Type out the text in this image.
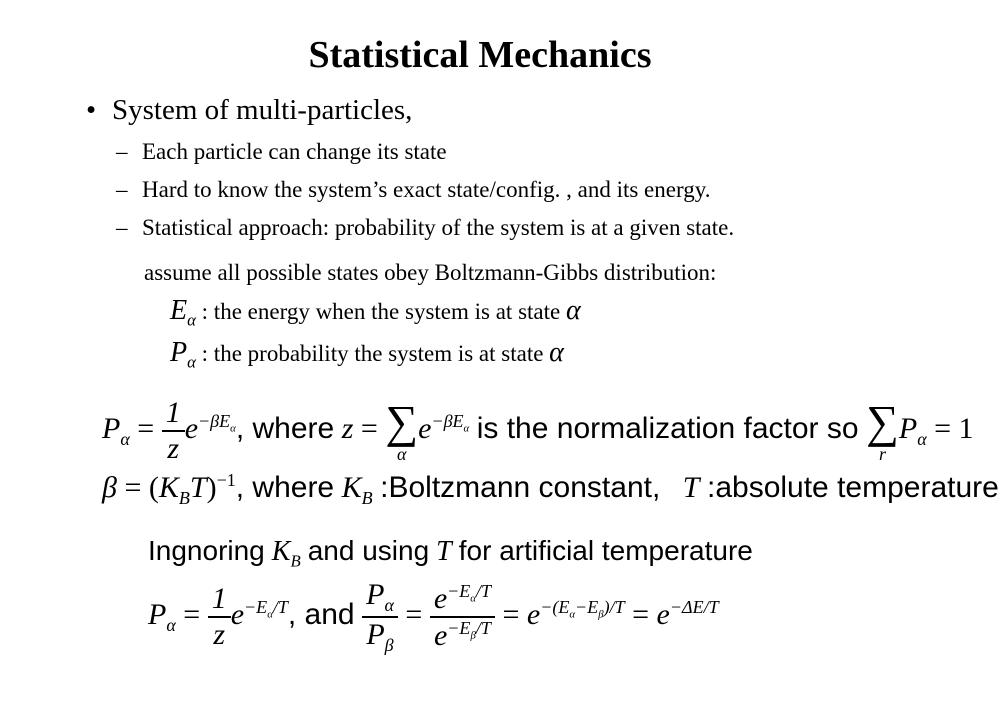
Statistical Mechanics
• System of multi-particles,
– Each particle can change its state
– Hard to know the system’s exact state/config. , and its energy.
– Statistical approach: probability of the system is at a given state.
assume all possible states obey Boltzmann-Gibbs distribution:
$E_\alpha$ : the energy when the system is at state α
$P_\alpha$ : the probability the system is at state α
$P_\alpha = \frac{1}{z} e^{-\beta E_\alpha}$, where z = ∑
α
$e^{-\beta E_\alpha}$ is the normalization factor so ∑
r
$P_\alpha = 1$
$\beta = (K_BT)^{-1}$, where $K_B$ :Boltzmann constant, T :absolute temperature
Ingnoring $K_B$ and using T for artificial temperature
$P_\alpha = \frac{1}{z} e^{-E_\alpha/T}$, and $\frac{P_\alpha}{P_\beta} = \frac{e^{-E_\alpha/T}}{e^{-E_\beta/T}} = e^{-(E_\alpha-E_\beta)/T} = e^{-\Delta E/T}$
